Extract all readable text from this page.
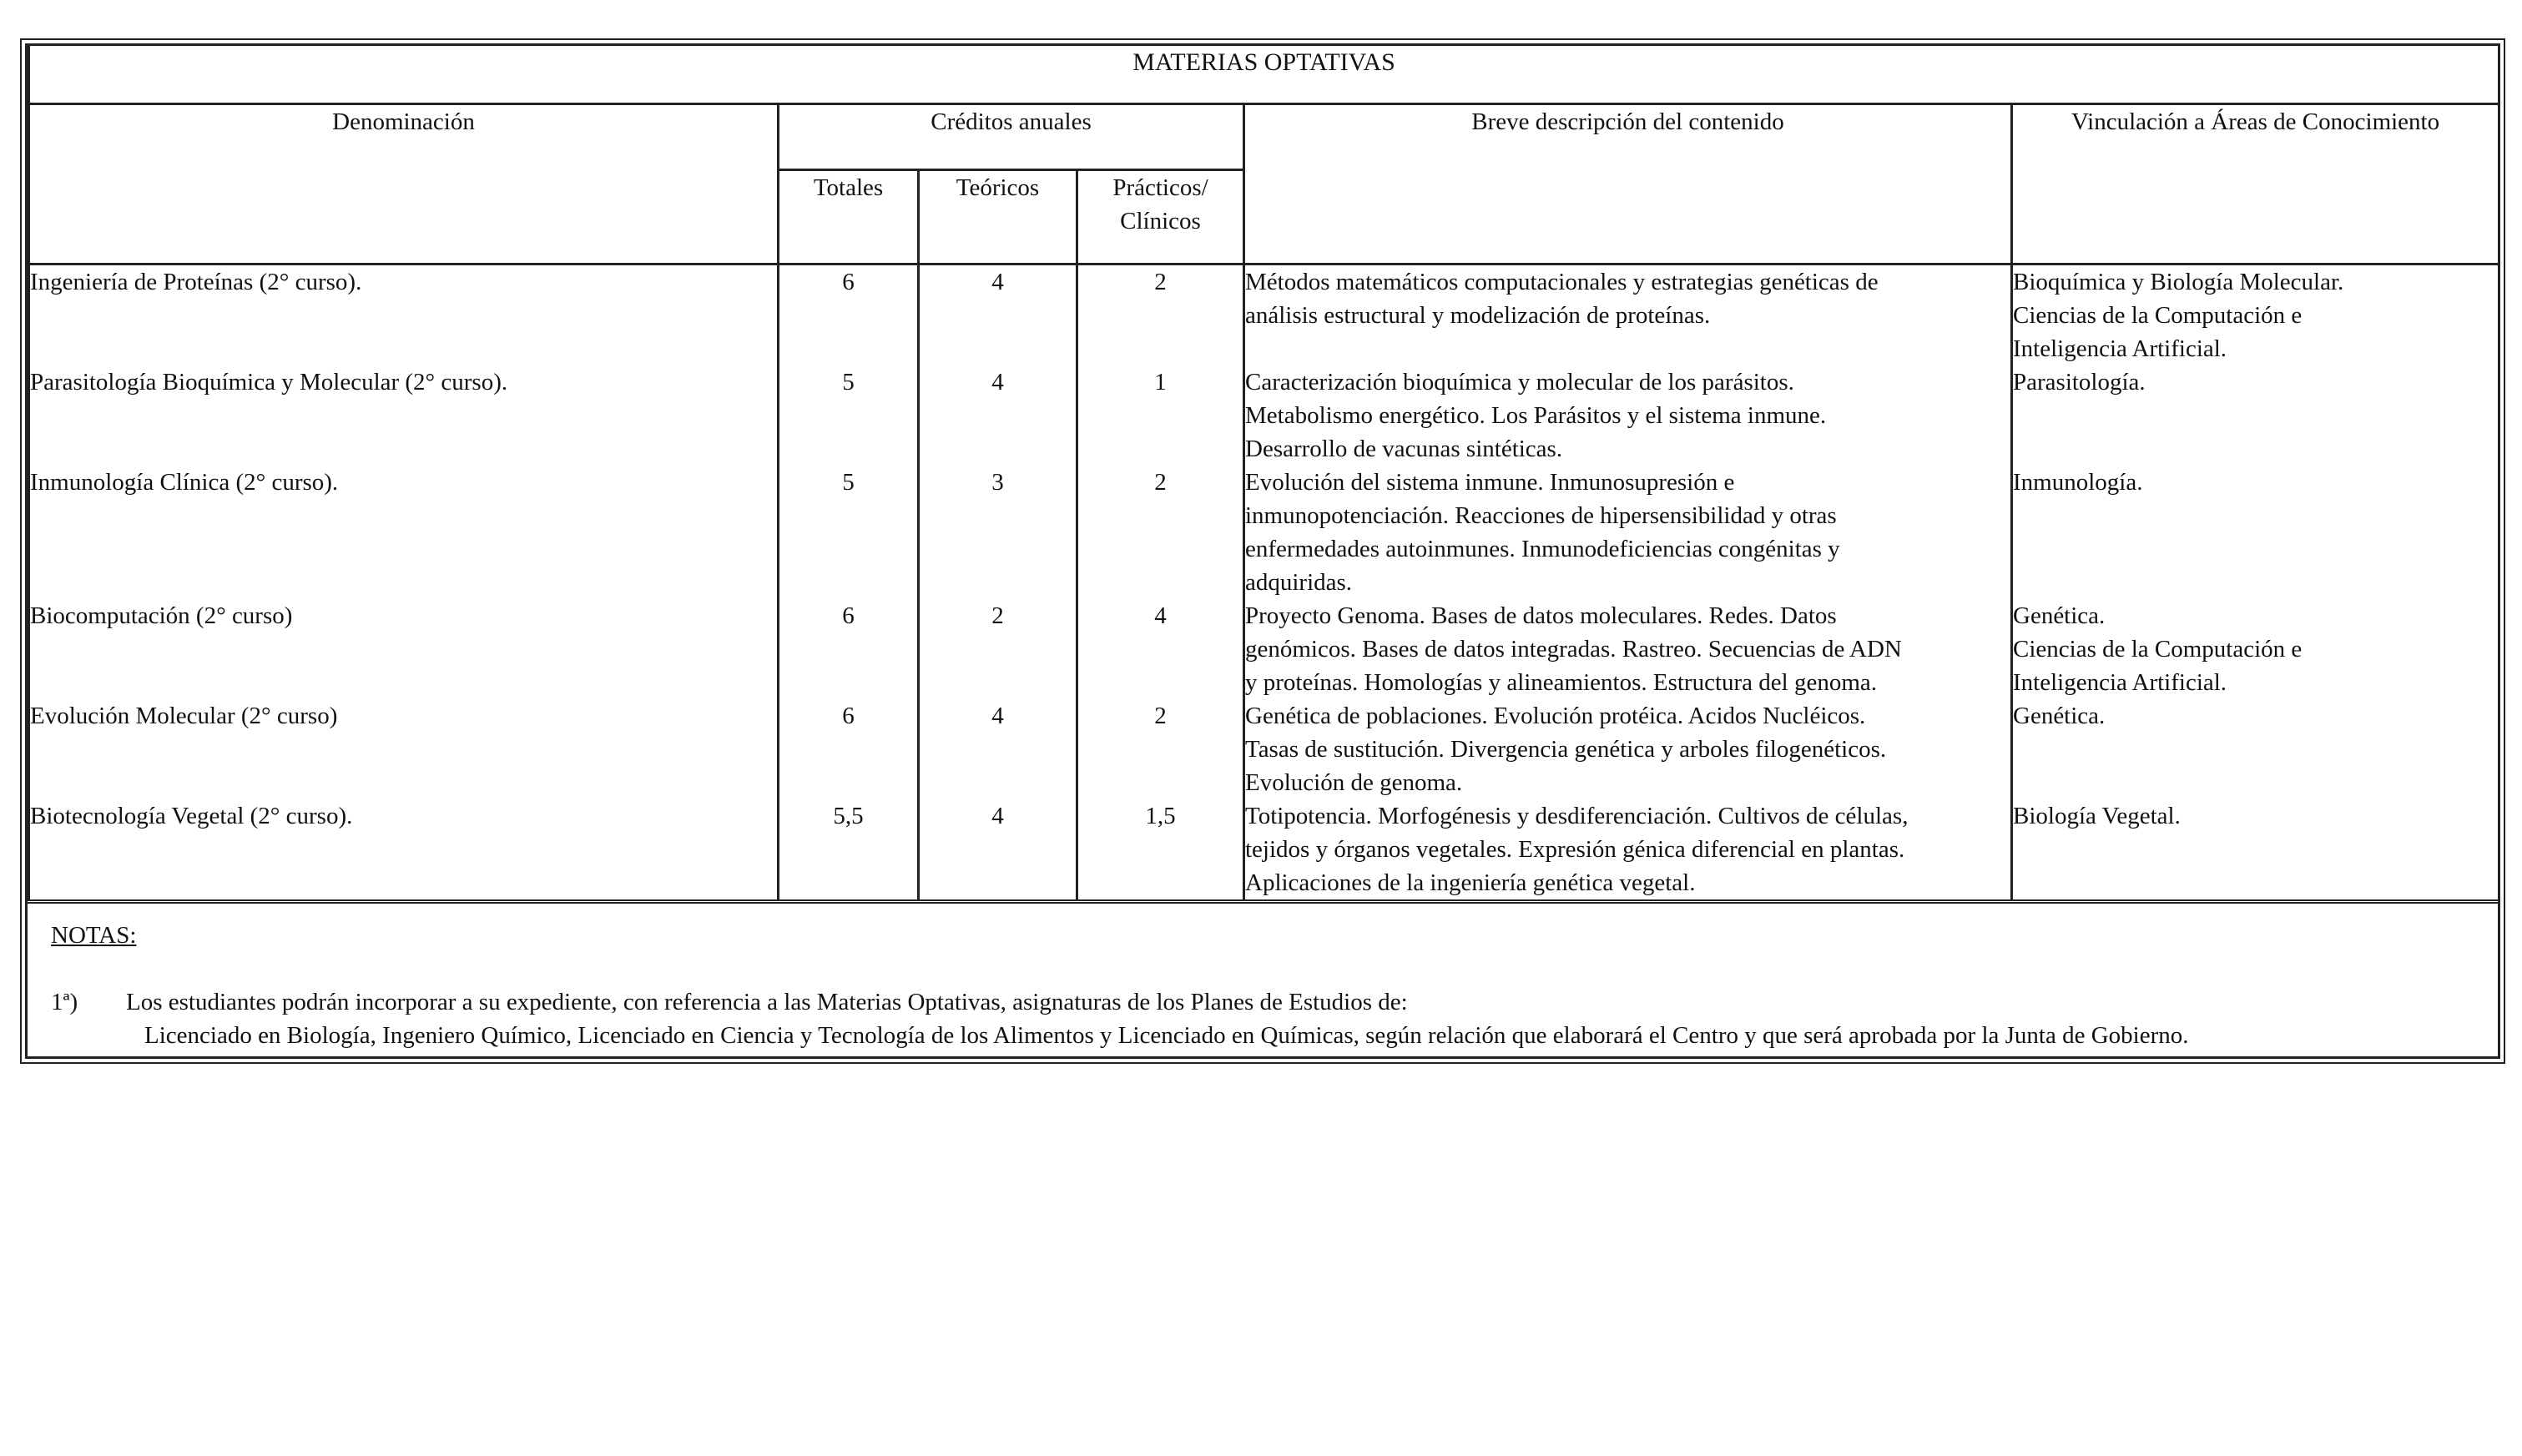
MATERIAS OPTATIVAS					
Denominación	Créditos anuales			Breve descripción del contenido	Vinculación a Áreas de Conocimiento
	Totales	Teóricos	Prácticos/
Clínicos		

Ingeniería de Proteínas (2° curso).	6	4	2	Métodos matemáticos computacionales y estrategias genéticas de
análisis estructural y modelización de proteínas.	Bioquímica y Biología Molecular.
Ciencias de la Computación e
Inteligencia Artificial.

Parasitología Bioquímica y Molecular (2° curso).	5	4	1	Caracterización bioquímica y molecular de los parásitos.
Metabolismo energético. Los Parásitos y el sistema inmune.
Desarrollo de vacunas sintéticas.	Parasitología.

Inmunología Clínica (2° curso).	5	3	2	Evolución del sistema inmune. Inmunosupresión e
inmunopotenciación. Reacciones de hipersensibilidad y otras
enfermedades autoinmunes. Inmunodeficiencias congénitas y
adquiridas.	Inmunología.

Biocomputación (2° curso)	6	2	4	Proyecto Genoma. Bases de datos moleculares. Redes. Datos
genómicos. Bases de datos integradas. Rastreo. Secuencias de ADN
y proteínas. Homologías y alineamientos. Estructura del genoma.	Genética.
Ciencias de la Computación e
Inteligencia Artificial.

Evolución Molecular (2° curso)	6	4	2	Genética de poblaciones. Evolución protéica. Acidos Nucléicos.
Tasas de sustitución. Divergencia genética y arboles filogenéticos.
Evolución de genoma.	Genética.

Biotecnología Vegetal (2° curso).	5,5	4	1,5	Totipotencia. Morfogénesis y desdiferenciación. Cultivos de células,
tejidos y órganos vegetales. Expresión génica diferencial en plantas.
Aplicaciones de la ingeniería genética vegetal.	Biología Vegetal.
NOTAS:
1ª)	Los estudiantes podrán incorporar a su expediente, con referencia a las Materias Optativas, asignaturas de los Planes de Estudios de:
Licenciado en Biología, Ingeniero Químico, Licenciado en Ciencia y Tecnología de los Alimentos y Licenciado en Químicas, según relación que elaborará el Centro y que será aprobada por la Junta de Gobierno.
